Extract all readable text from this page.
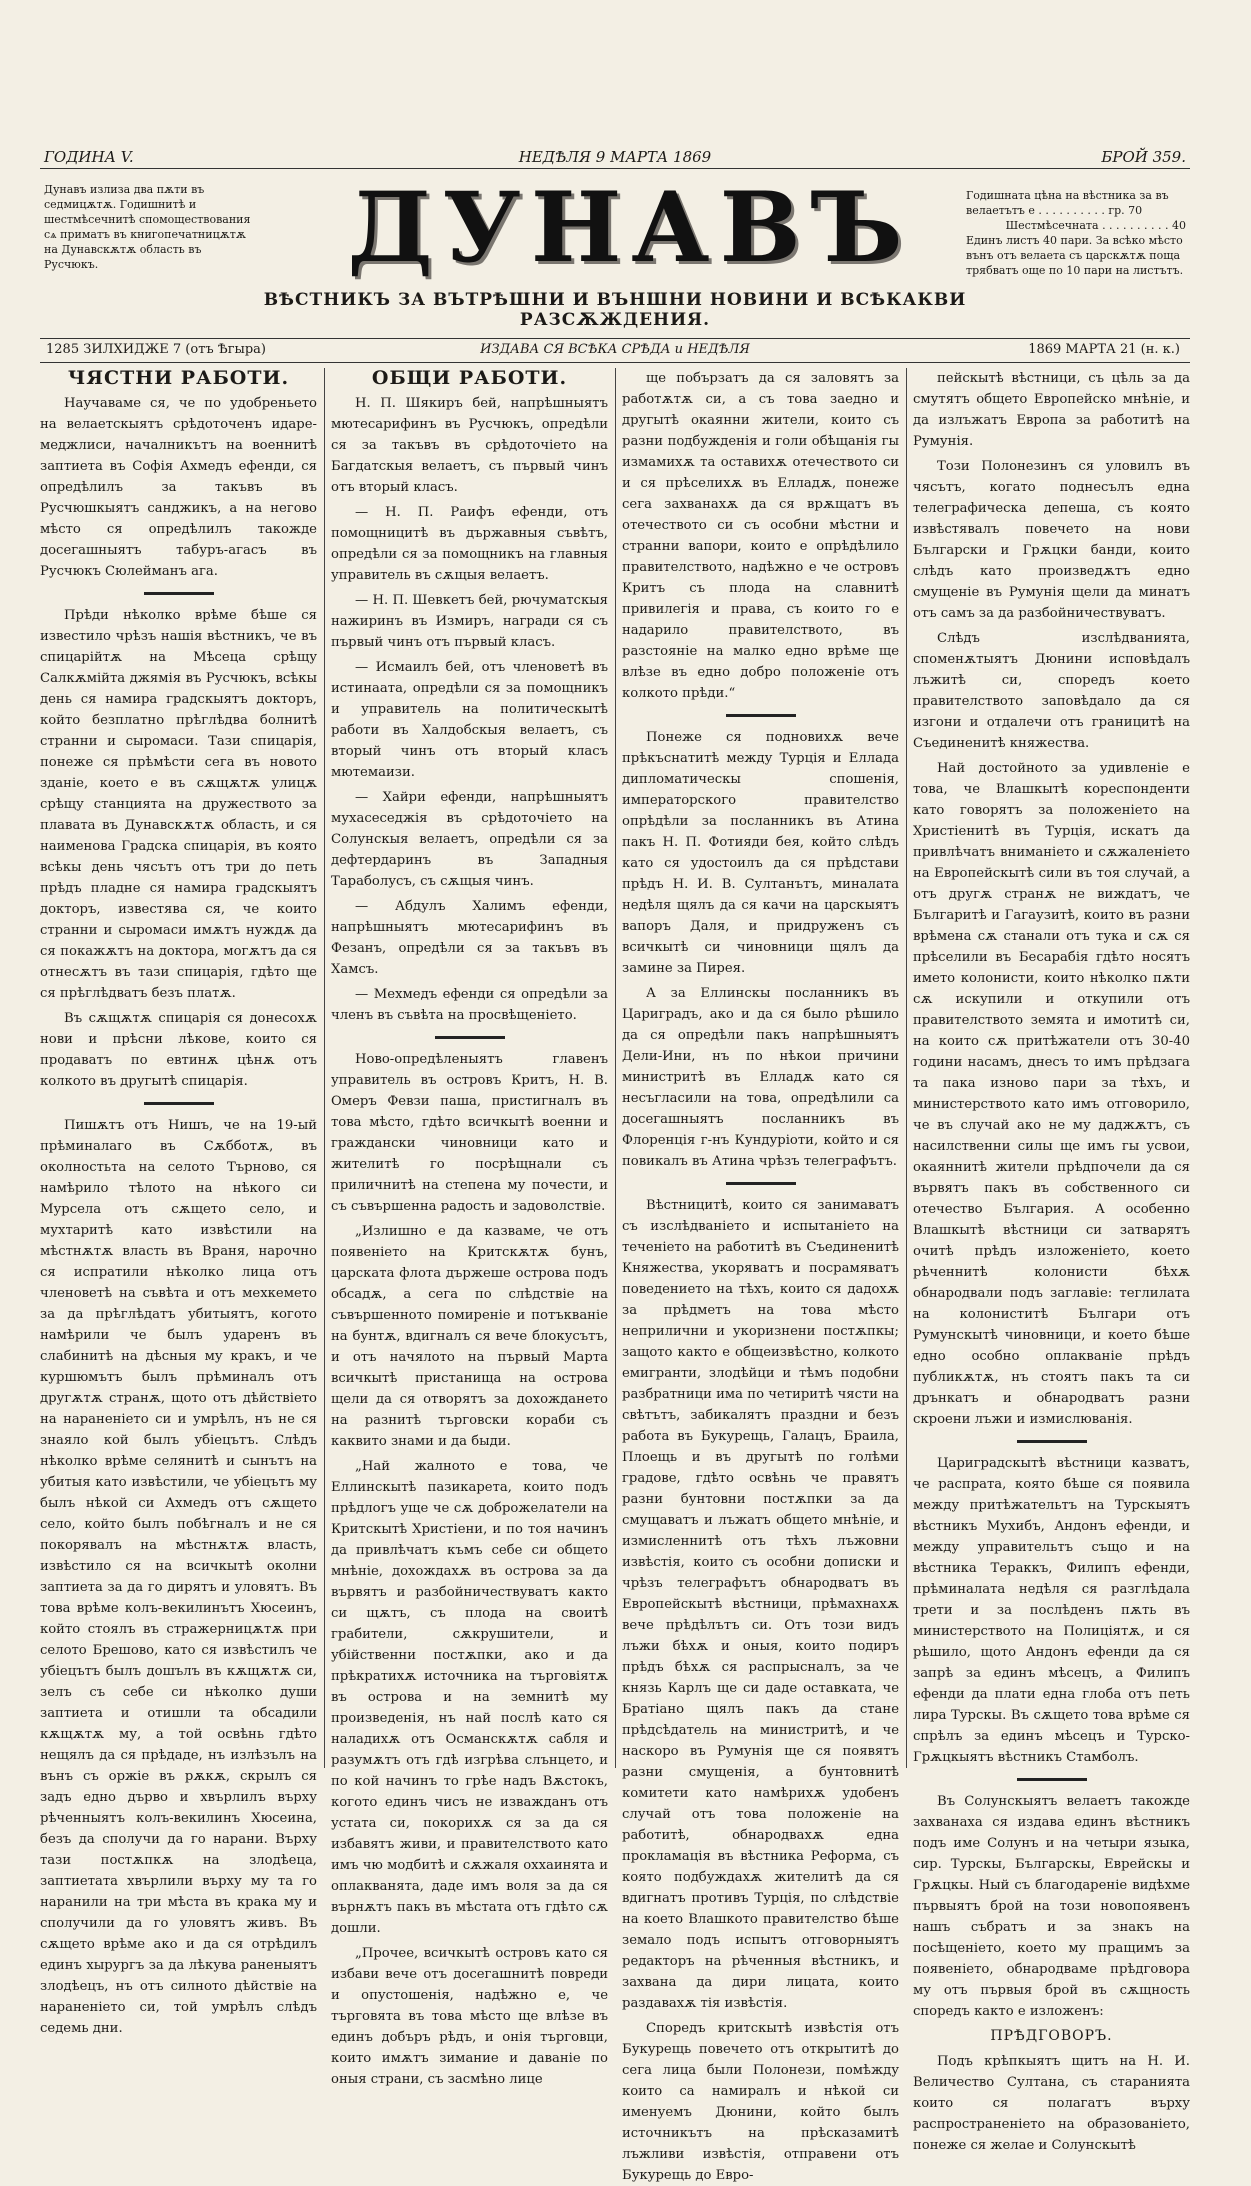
ГОДИНА V.	НЕДѢЛЯ 9 МАРТА 1869	БРОЙ 359.
Дунавъ излиза два пѫти въ седмицѫтѫ. Годишнитѣ и шестмѣсечнитѣ спомоществования сѧ приматъ въ книгопечатницѫтѫ на Дунавскѫтѫ область въ Русчюкъ.	ДУНАВЪ	Годишната цѣна на вѣстника за въ велаетътъ е . . . . . . . . . . гр. 70
Шестмѣсечната . . . . . . . . . . 40
Единъ листъ 40 пари. За всѣко мѣсто вънъ отъ велаета съ царскѫтѫ поща трябватъ още по 10 пари на листътъ.
ВѢСТНИКЪ ЗА ВЪТРѢШНИ И ВЪНШНИ НОВИНИ И ВСѢКАКВИ РАЗСѪЖДЕНИЯ.
1285 ЗИЛХИДЖЕ 7 (отъ Ѣгыра)	ИЗДАВА СЯ ВСѢКА СРѢДА и НЕДѢЛЯ	1869 МАРТА 21 (н. к.)

ЧЯСТНИ РАБОТИ.

Научаваме ся, че по удобреньето на велаетскыятъ срѣдоточенъ идаре-меджлиси, началникътъ на военнитѣ заптиета въ Софія Ахмедъ ефенди, ся опредѣлилъ за такъвъ въ Русчюшкыятъ санджикъ, а на негово мѣсто ся опредѣлилъ такожде досегашныятъ табуръ-агасъ въ Русчюкъ Сюлейманъ ага.

Прѣди нѣколко врѣме бѣше ся известило чрѣзъ нашія вѣстникъ, че въ спицарійтѫ на Мѣсеца срѣщу Салкѫмійта джямія въ Русчюкъ, всѣкы день ся намира градскыятъ докторъ, който безплатно прѣглѣдва болнитѣ странни и сыромаси. Тази спицарія, понеже ся прѣмѣсти сега въ новото зданіе, което е въ сѫщѫтѫ улицѫ срѣщу станцията на дружеството за плавата въ Дунавскѫтѫ область, и ся наименова Градска спицарія, въ която всѣкы день чясътъ отъ три до петь прѣдъ пладне ся намира градскыятъ докторъ, известява ся, че които странни и сыромаси имѫтъ нуждѫ да ся покажѫтъ на доктора, могѫтъ да ся отнесѫтъ въ тази спицарія, гдѣто ще ся прѣглѣдватъ безъ платѫ.

Въ сѫщѫтѫ спицарія ся донесохѫ нови и прѣсни лѣкове, които ся продаватъ по евтинѫ цѣнѫ отъ колкото въ другытѣ спицарія.

Пишѫтъ отъ Нишъ, че на 19-ый прѣминалаго въ Сѫбботѫ, въ околностьта на селото Търново, ся намѣрило тѣлото на нѣкого си Мурсела отъ сѫщето село, и мухтаритѣ като извѣстили на мѣстнѫтѫ власть въ Враня, нарочно ся испратили нѣколко лица отъ членоветѣ на съвѣта и отъ мехкемето за да прѣглѣдатъ убитыятъ, когото намѣрили че былъ ударенъ въ слабинитѣ на дѣсныя му кракъ, и че куршюмътъ былъ прѣминалъ отъ другѫтѫ странѫ, щото отъ дѣйствіето на нараненіето си и умрѣлъ, нъ не ся знаяло кой былъ убіецътъ. Слѣдъ нѣколко врѣме селянитѣ и сынътъ на убитыя като извѣстили, че убіецътъ му былъ нѣкой си Ахмедъ отъ сѫщето село, който былъ побѣгналъ и не ся покорявалъ на мѣстнѫтѫ власть, извѣстило ся на всичкытѣ околни заптиета за да го дирятъ и уловятъ. Въ това врѣме колъ-векилинътъ Хюсеинъ, който стоялъ въ стражерницѫтѫ при селото Брешово, като ся извѣстилъ че убіецътъ былъ дошълъ въ кѫщѫтѫ си, зелъ съ себе си нѣколко души заптиета и отишли та обсадили кѫщѫтѫ му, а той освѣнь гдѣто нещялъ да ся прѣдаде, нъ излѣзълъ на вънъ съ оржіе въ рѫкѫ, скрылъ ся задъ едно дърво и хвърлилъ върху рѣченныятъ колъ-векилинъ Хюсеина, безъ да сполучи да го нарани. Върху тази постѫпкѫ на злодѣеца, заптиетата хвърлили върху му та го наранили на три мѣста въ крака му и сполучили да го уловятъ живъ. Въ сѫщето врѣме ако и да ся отрѣдилъ единъ хырургъ за да лѣкува раненыятъ злодѣецъ, нъ отъ силното дѣйствіе на нараненіето си, той умрѣлъ слѣдъ седемь дни.

ОБЩИ РАБОТИ.

Н. П. Шякиръ бей, напрѣшныятъ мютесарифинъ въ Русчюкъ, опредѣли ся за такъвъ въ срѣдоточіето на Багдатскыя велаетъ, съ първый чинъ отъ вторый класъ.

— Н. П. Раифъ ефенди, отъ помощницитѣ въ държавныя съвѣтъ, опредѣли ся за помощникъ на главныя управитель въ сѫщыя велаетъ.

— Н. П. Шевкетъ бей, рючуматскыя нажиринъ въ Измиръ, награди ся съ първый чинъ отъ първый класъ.

— Исмаилъ бей, отъ членоветѣ въ истинаата, опредѣли ся за помощникъ и управитель на политическытѣ работи въ Халдобскыя велаетъ, съ вторый чинъ отъ вторый класъ мютемаизи.

— Хайри ефенди, напрѣшныятъ мухасеседжія въ срѣдоточіето на Солунскыя велаетъ, опредѣли ся за дефтердаринъ въ Западныя Тараболусъ, съ сѫщыя чинъ.

— Абдулъ Халимъ ефенди, напрѣшныятъ мютесарифинъ въ Фезанъ, опредѣли ся за такъвъ въ Хамсъ.

— Мехмедъ ефенди ся опредѣли за членъ въ съвѣта на просвѣщеніето.

Ново-опредѣленыятъ главенъ управитель въ островъ Критъ, Н. В. Омеръ Февзи паша, пристигналъ въ това мѣсто, гдѣто всичкытѣ военни и граждански чиновници като и жителитѣ го посрѣщнали съ приличнитѣ на степена му почести, и съ съвършенна радость и задоволствіе.

„Излишно е да казваме, че отъ появеніето на Критскѫтѫ бунъ, царската флота държеше острова подъ обсадѫ, а сега по слѣдствіе на съвършенното помиреніе и потъкваніе на бунтѫ, вдигналъ ся вече блокусътъ, и отъ начялото на първый Марта всичкытѣ пристанища на острова щели да ся отворятъ за дохождането на разнитѣ търговски кораби съ каквито знами и да быди.

„Най жалното е това, че Еллинскытѣ пазикарета, които подъ прѣдлогъ уще че сѫ доброжелатели на Критскытѣ Христіени, и по тоя начинъ да привлѣчатъ къмъ себе си общето мнѣніе, дохождахѫ въ острова за да вървятъ и разбойничествуватъ както си щѫтъ, съ плода на своитѣ грабители, сѫкрушители, и убійственни постѫпки, ако и да прѣкратихѫ источника на търговіятѫ въ острова и на земнитѣ му произведенія, нъ най послѣ като ся наладихѫ отъ Османскѫтѫ сабля и разумѫтъ отъ гдѣ изгрѣва слънцето, и по кой начинъ то грѣе надъ Вѫстокъ, когото единъ чисъ не изважданъ отъ устата си, покорихѫ ся за да ся избавятъ живи, и правителството като имъ чю модбитѣ и сѫжаля оххаинята и оплакванята, даде имъ воля за да ся върнѫтъ пакъ въ мѣстата отъ гдѣто сѫ дошли.

„Прочее, всичкытѣ островъ като ся избави вече отъ досегашнитѣ повреди и опустошенія, надѣжно е, че търговята въ това мѣсто ще влѣзе въ единъ добъръ рѣдъ, и онія търговци, които имѫтъ зимание и даваніе по оныя страни, съ засмѣно лице

ще побързатъ да ся заловятъ за работѫтѫ си, а съ това заедно и другытѣ окаянни жители, които съ разни подбужденія и голи обѣщанія гы измамихѫ та оставихѫ отечеството си и ся прѣселихѫ въ Елладѫ, понеже сега захванахѫ да ся врѫщатъ въ отечеството си съ особни мѣстни и странни вапори, които е опрѣдѣлило правителството, надѣжно е че островъ Критъ съ плода на славнитѣ привилегія и права, съ които го е надарило правителството, въ разстояніе на малко едно врѣме ще влѣзе въ едно добро положеніе отъ колкото прѣди.“

Понеже ся подновихѫ вече прѣкъснатитѣ между Турція и Еллада дипломатическы спошенія, императорского правителство опрѣдѣли за посланникъ въ Атина пакъ Н. П. Фотияди бея, който слѣдъ като ся удостоилъ да ся прѣдстави прѣдъ Н. И. В. Султанътъ, миналата недѣля щялъ да ся качи на царскыятъ вапоръ Даля, и придруженъ съ всичкытѣ си чиновници щялъ да замине за Пирея.

А за Еллинскы посланникъ въ Цариградъ, ако и да ся было рѣшило да ся опредѣли пакъ напрѣшныятъ Дели-Ини, нъ по нѣкои причини министритѣ въ Елладѫ като ся несъгласили на това, опредѣлили са досегашныятъ посланникъ въ Флоренція г-нъ Кундуріоти, който и ся повикалъ въ Атина чрѣзъ телеграфътъ.

Вѣстницитѣ, които ся занимаватъ съ изслѣдваніето и испытаніето на теченіето на работитѣ въ Съединенитѣ Княжества, укоряватъ и посрамяватъ поведението на тѣхъ, които ся дадохѫ за прѣдметъ на това мѣсто неприлични и укоризнени постѫпкы; защото както е общеизвѣстно, колкото емигранти, злодѣйци и тѣмъ подобни разбратници има по четиритѣ чясти на свѣтътъ, забикалятъ праздни и безъ работа въ Букурещь, Галацъ, Браила, Плоещь и въ другытѣ по голѣми градове, гдѣто освѣнь че правятъ разни бунтовни постѫпки за да смущаватъ и лъжатъ общето мнѣніе, и измисленнитѣ отъ тѣхъ лъжовни извѣстія, които съ особни дописки и чрѣзъ телеграфътъ обнародватъ въ Европейскытѣ вѣстници, прѣмахнахѫ вече прѣдѣлътъ си. Отъ този видъ лъжи бѣхѫ и оныя, които подиръ прѣдъ бѣхѫ ся распрысналъ, за че князь Карлъ ще си даде оставката, че Братіано щялъ пакъ да стане прѣдсѣдатель на министритѣ, и че наскоро въ Румунія ще ся появятъ разни смущенія, а бунтовнитѣ комитети като намѣрихѫ удобенъ случай отъ това положеніе на работитѣ, обнародвахѫ една прокламація въ вѣстника Реформа, съ която подбуждахѫ жителитѣ да ся вдигнатъ противъ Турція, по слѣдствіе на което Влашкото правителство бѣше земало подъ испытъ отговорныятъ редакторъ на рѣченныя вѣстникъ, и захвана да дири лицата, които раздавахѫ тія извѣстія.

Споредъ критскытѣ извѣстія отъ Букурещь повечето отъ открытитѣ до сега лица были Полонези, помѣжду които са намиралъ и нѣкой си именуемъ Дюнини, който былъ источникътъ на прѣсказамитѣ лъжливи извѣстія, отправени отъ Букурещь до Евро-

пейскытѣ вѣстници, съ цѣль за да смутятъ общето Европейско мнѣніе, и да излъжатъ Европа за работитѣ на Румунія.

Този Полонезинъ ся уловилъ въ чясътъ, когато поднесълъ една телеграфическа депеша, съ която извѣстявалъ повечето на нови Български и Грѫцки банди, които слѣдъ като произведѫтъ едно смущеніе въ Румунія щели да минатъ отъ самъ за да разбойничествуватъ.

Слѣдъ изслѣдванията, споменѫтыятъ Дюнини исповѣдалъ лъжитѣ си, споредъ което правителството заповѣдало да ся изгони и отдалечи отъ границитѣ на Съединенитѣ княжества.

Най достойното за удивленіе е това, че Влашкытѣ кореспонденти като говорятъ за положеніето на Христіенитѣ въ Турція, искатъ да привлѣчатъ вниманіето и сѫжаленіето на Европейскытѣ сили въ тоя случай, а отъ другѫ странѫ не виждатъ, че Българитѣ и Гагаузитѣ, които въ разни врѣмена сѫ станали отъ тука и сѫ ся прѣселили въ Бесарабія гдѣто носятъ името колонисти, които нѣколко пѫти сѫ искупили и откупили отъ правителството земята и имотитѣ си, на които сѫ притѣжатели отъ 30-40 години насамъ, днесъ то имъ прѣдзага та пака изново пари за тѣхъ, и министерството като имъ отговорило, че въ случай ако не му даджѫтъ, съ насилственни силы ще имъ гы усвои, окаяннитѣ жители прѣдпочели да ся вървятъ пакъ въ собственного си отечество България. А особенно Влашкытѣ вѣстници си затварятъ очитѣ прѣдъ изложеніето, което рѣченнитѣ колонисти бѣхѫ обнародвали подъ заглавіе: теглилата на колониститѣ Българи отъ Румунскытѣ чиновници, и което бѣше едно особно оплакваніе прѣдъ публикѫтѫ, нъ стоятъ пакъ та си дрънкатъ и обнародватъ разни скроени лъжи и измислюванія.

Цариградскытѣ вѣстници казватъ, че распрата, която бѣше ся появила между притѣжательтъ на Турскыятъ вѣстникъ Мухибъ, Андонъ ефенди, и между управительтъ също и на вѣстника Тераккъ, Филипъ ефенди, прѣминалата недѣля ся разглѣдала трети и за послѣденъ пѫть въ министерството на Полиціятѫ, и ся рѣшило, щото Андонъ ефенди да ся запрѣ за единъ мѣсецъ, а Филипъ ефенди да плати една глоба отъ петь лира Турскы. Въ сѫщето това врѣме ся спрѣлъ за единъ мѣсецъ и Турско-Грѫцкыятъ вѣстникъ Стамболъ.

Въ Солунскыятъ велаетъ такожде захванаха ся издава единъ вѣстникъ подъ име Солунъ и на четыри языка, сир. Турскы, Българскы, Еврейскы и Грѫцкы. Ный съ благодареніе видѣхме първыятъ брой на този новопоявенъ нашъ събратъ и за знакъ на посѣщеніето, което му пращимъ за появеніето, обнародваме прѣдговора му отъ първыя брой въ сѫщность споредъ както е изложенъ:

ПРѢДГОВОРЪ.

Подъ крѣпкыятъ щитъ на Н. И. Величество Султана, съ старанията които ся полагатъ върху распространеніето на образованіето, понеже ся желае и Солунскытѣ
